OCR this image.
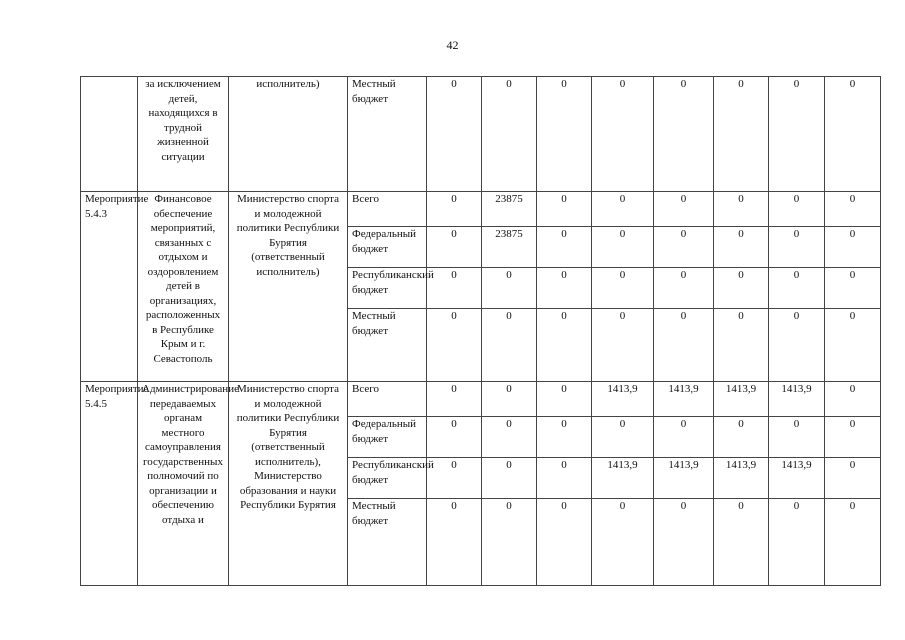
42
	за исключением детей, находящихся в трудной жизненной ситуации	исполнитель)	Местный бюджет	0	0	0	0	0	0	0	0
Мероприятие 5.4.3	Финансовое обеспечение мероприятий, связанных с отдыхом и оздоровлением детей в организациях, расположенных в Республике Крым и г. Севастополь	Министерство спорта и молодежной политики Республики Бурятия (ответственный исполнитель)	Всего	0	23875	0	0	0	0	0	0
			Федеральный бюджет	0	23875	0	0	0	0	0	0
			Республиканский бюджет	0	0	0	0	0	0	0	0
			Местный бюджет	0	0	0	0	0	0	0	0
Мероприятие 5.4.5	Администрирование передаваемых органам местного самоуправления государственных полномочий по организации и обеспечению отдыха и	Министерство спорта и молодежной политики Республики Бурятия (ответственный исполнитель), Министерство образования и науки Республики Бурятия	Всего	0	0	0	1413,9	1413,9	1413,9	1413,9	0
			Федеральный бюджет	0	0	0	0	0	0	0	0
			Республиканский бюджет	0	0	0	1413,9	1413,9	1413,9	1413,9	0
			Местный бюджет	0	0	0	0	0	0	0	0
